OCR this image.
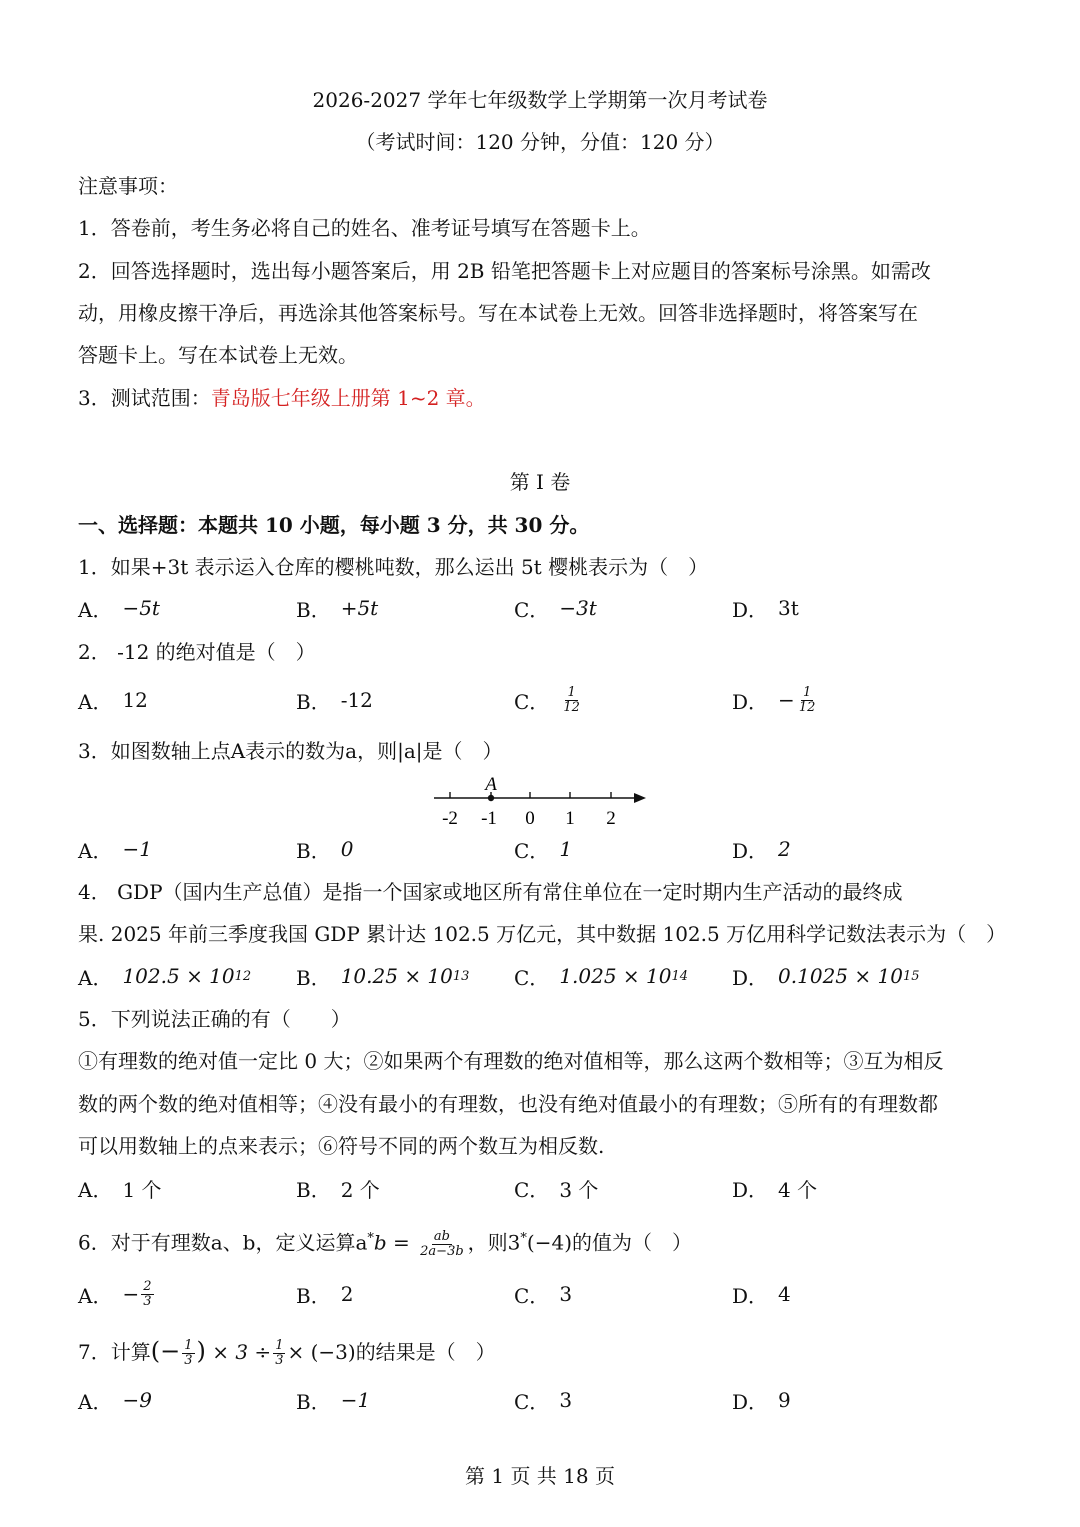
2026-2027 学年七年级数学上学期第一次月考试卷
（考试时间：120 分钟，分值：120 分）
注意事项：
1．答卷前，考生务必将自己的姓名、准考证号填写在答题卡上。
2．回答选择题时，选出每小题答案后，用 2B 铅笔把答题卡上对应题目的答案标号涂黑。如需改
动，用橡皮擦干净后，再选涂其他答案标号。写在本试卷上无效。回答非选择题时，将答案写在
答题卡上。写在本试卷上无效。
3．测试范围：青岛版七年级上册第 1~2 章。
第 I 卷
一、选择题：本题共 10 小题，每小题 3 分，共 30 分。
1．如果+3t 表示运入仓库的樱桃吨数，那么运出 5t 樱桃表示为（　）
A． −5t	B． +5t	C． −3t	D． 3t
2． -12 的绝对值是（　）
A． 12	B． -12	C． $\frac{1}{12}$	D． − $\frac{1}{12}$
3．如图数轴上点A表示的数为a，则|a|是（　）
A
-2 -1 0 1 2
A． −1	B． 0	C． 1	D． 2
4． GDP（国内生产总值）是指一个国家或地区所有常住单位在一定时期内生产活动的最终成
果. 2025 年前三季度我国 GDP 累计达 102.5 万亿元，其中数据 102.5 万亿用科学记数法表示为（　）
A． 102.5 × 10 12 B． 10.25 × 10 13 C． 1.025 × 10 14 D． 0.1025 × 10 15
5．下列说法正确的有（　　）
①有理数的绝对值一定比 0 大；②如果两个有理数的绝对值相等，那么这两个数相等；③互为相反
数的两个数的绝对值相等；④没有最小的有理数，也没有绝对值最小的有理数；⑤所有的有理数都
可以用数轴上的点来表示；⑥符号不同的两个数互为相反数.
A． 1 个	B． 2 个	C． 3 个	D． 4 个
6．对于有理数a、b，定义运算$a^*b = \frac{ab}{2a-3b}$ ，则3*(−4)的值为（　）
A． − $\frac{2}{3}$	B． 2	C． 3	D． 4
7．计算(− $\frac{1}{3}$ ) × $3 \div \frac{1}{3} \times (-3)$的结果是（　）
A． −9	B． −1	C． 3	D． 9
第 1 页 共 18 页
